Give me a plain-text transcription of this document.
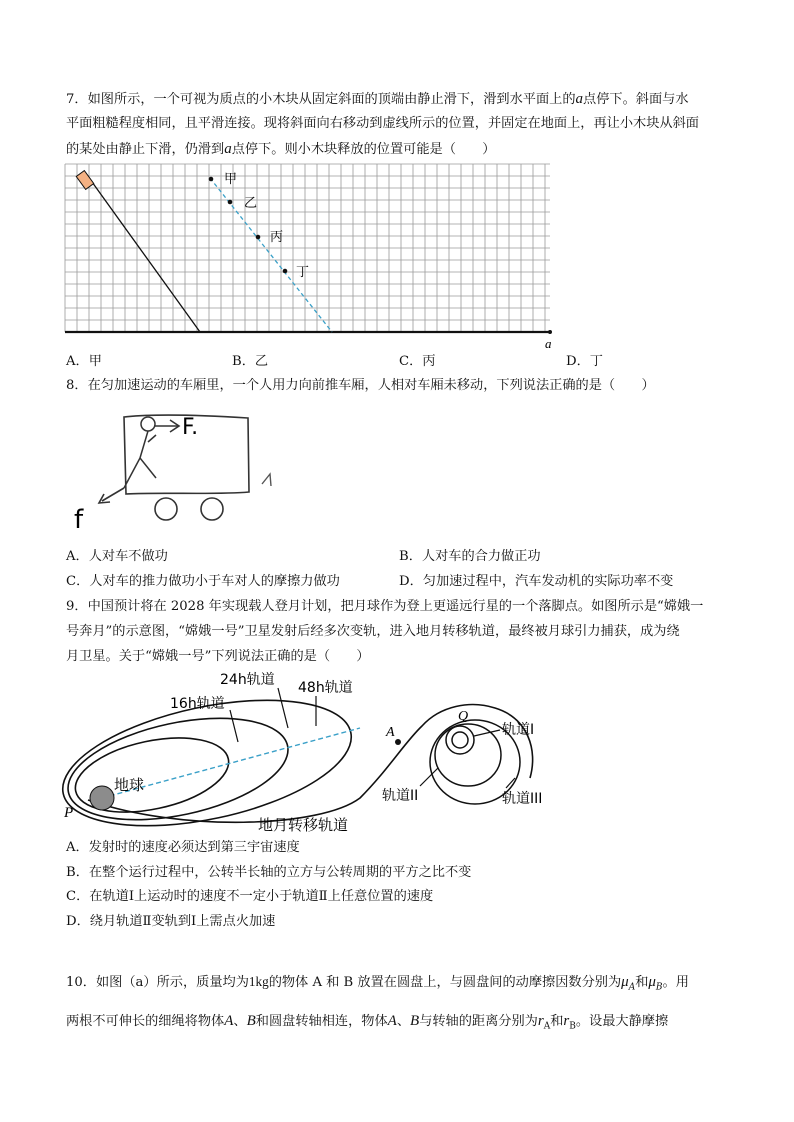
7．如图所示，一个可视为质点的小木块从固定斜面的顶端由静止滑下，滑到水平面上的a点停下。斜面与水
平面粗糙程度相同，且平滑连接。现将斜面向右移动到虚线所示的位置，并固定在地面上，再让小木块从斜面
的某处由静止下滑，仍滑到a点停下。则小木块释放的位置可能是（　　）
甲
乙
丙
丁
a
A．甲	B．乙	C．丙	D．丁
8．在匀加速运动的车厢里，一个人用力向前推车厢，人相对车厢未移动，下列说法正确的是（　　）
F.
f
A．人对车不做功	B．人对车的合力做正功
C．人对车的推力做功小于车对人的摩擦力做功	D．匀加速过程中，汽车发动机的实际功率不变
9．中国预计将在 2028 年实现载人登月计划，把月球作为登上更遥远行星的一个落脚点。如图所示是“嫦娥一
号奔月”的示意图，“嫦娥一号”卫星发射后经多次变轨，进入地月转移轨道，最终被月球引力捕获，成为绕
月卫星。关于“嫦娥一号”下列说法正确的是（　　）
地球
P
A
16h轨道
24h轨道 48h轨道
Q
轨道I
轨道II	轨道III
地月转移轨道
A．发射时的速度必须达到第三宇宙速度
B．在整个运行过程中，公转半长轴的立方与公转周期的平方之比不变
C．在轨道Ⅰ上运动时的速度不一定小于轨道Ⅱ上任意位置的速度
D．绕月轨道Ⅱ变轨到Ⅰ上需点火加速
10．如图（a）所示，质量均为1kg的物体 A 和 B 放置在圆盘上，与圆盘间的动摩擦因数分别为$\mu_A$和$\mu_B$。用
两根不可伸长的细绳将物体A、B和圆盘转轴相连，物体A、B与转轴的距离分别为$r_A$和$r_B$。设最大静摩擦
